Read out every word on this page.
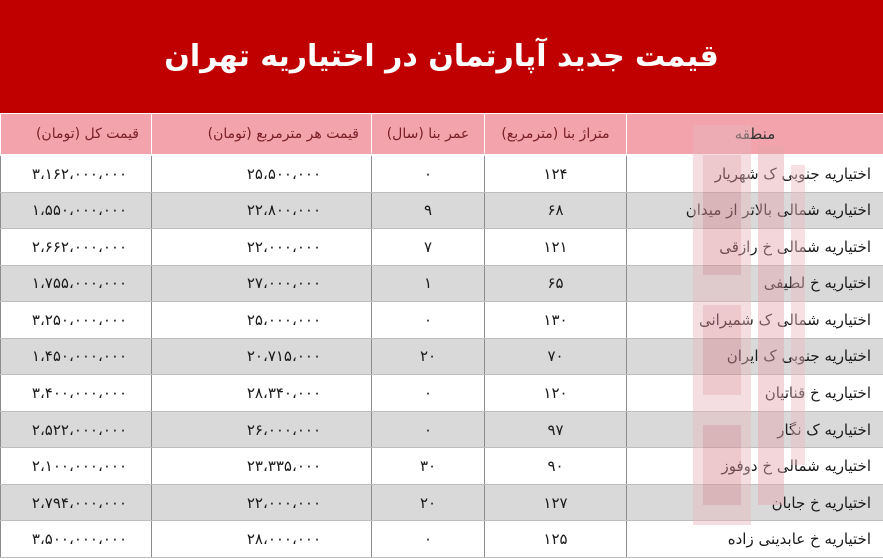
قیمت جدید آپارتمان در اختیاریه تهران
منطقه	متراژ بنا (مترمربع)	عمر بنا (سال)	قیمت هر مترمربع (تومان)	قیمت کل (تومان)
اختیاریه جنوبی ک شهریار	۱۲۴	۰	۲۵،۵۰۰،۰۰۰	۳،۱۶۲،۰۰۰،۰۰۰
اختیاریه شمالی بالاتر از میدان	۶۸	۹	۲۲،۸۰۰،۰۰۰	۱،۵۵۰،۰۰۰،۰۰۰
اختیاریه شمالی خ رازقی	۱۲۱	۷	۲۲،۰۰۰،۰۰۰	۲،۶۶۲،۰۰۰،۰۰۰
اختیاریه خ لطیفی	۶۵	۱	۲۷،۰۰۰،۰۰۰	۱،۷۵۵،۰۰۰،۰۰۰
اختیاریه شمالی ک شمیرانی	۱۳۰	۰	۲۵،۰۰۰،۰۰۰	۳،۲۵۰،۰۰۰،۰۰۰
اختیاریه جنوبی ک ایران	۷۰	۲۰	۲۰،۷۱۵،۰۰۰	۱،۴۵۰،۰۰۰،۰۰۰
اختیاریه خ قناتیان	۱۲۰	۰	۲۸،۳۴۰،۰۰۰	۳،۴۰۰،۰۰۰،۰۰۰
اختیاریه ک نگار	۹۷	۰	۲۶،۰۰۰،۰۰۰	۲،۵۲۲،۰۰۰،۰۰۰
اختیاریه شمالی خ دوفوز	۹۰	۳۰	۲۳،۳۳۵،۰۰۰	۲،۱۰۰،۰۰۰،۰۰۰
اختیاریه خ جابان	۱۲۷	۲۰	۲۲،۰۰۰،۰۰۰	۲،۷۹۴،۰۰۰،۰۰۰
اختیاریه خ عابدینی زاده	۱۲۵	۰	۲۸،۰۰۰،۰۰۰	۳،۵۰۰،۰۰۰،۰۰۰
